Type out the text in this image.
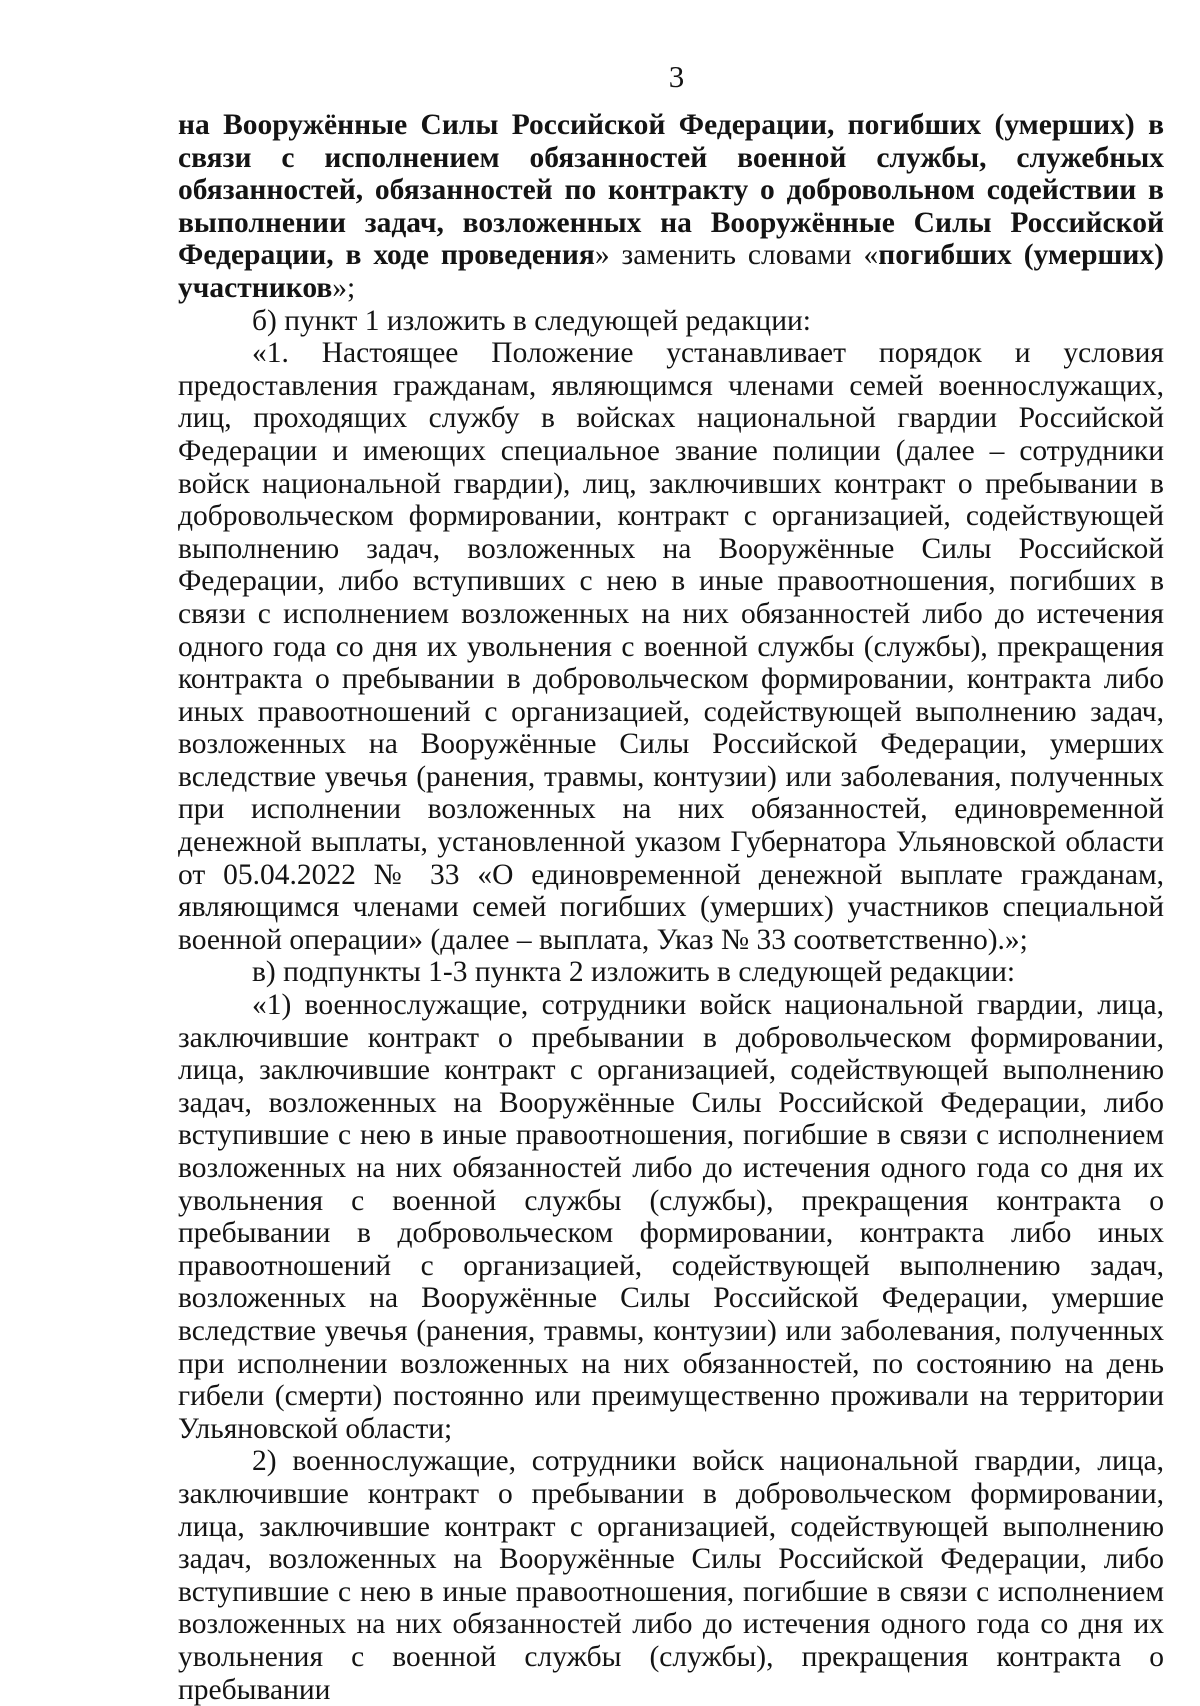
3

на Вооружённые Силы Российской Федерации, погибших (умерших) в связи с исполнением обязанностей военной службы, служебных обязанностей, обязанностей по контракту о добровольном содействии в выполнении задач, возложенных на Вооружённые Силы Российской Федерации, в ходе проведения» заменить словами «погибших (умерших) участников»;

б) пункт 1 изложить в следующей редакции:

«1. Настоящее Положение устанавливает порядок и условия предоставления гражданам, являющимся членами семей военнослужащих, лиц, проходящих службу в войсках национальной гвардии Российской Федерации и имеющих специальное звание полиции (далее – сотрудники войск национальной гвардии), лиц, заключивших контракт о пребывании в добровольческом формировании, контракт с организацией, содействующей выполнению задач, возложенных на Вооружённые Силы Российской Федерации, либо вступивших с нею в иные правоотношения, погибших в связи с исполнением возложенных на них обязанностей либо до истечения одного года со дня их увольнения с военной службы (службы), прекращения контракта о пребывании в добровольческом формировании, контракта либо иных правоотношений с организацией, содействующей выполнению задач, возложенных на Вооружённые Силы Российской Федерации, умерших вследствие увечья (ранения, травмы, контузии) или заболевания, полученных при исполнении возложенных на них обязанностей, единовременной денежной выплаты, установленной указом Губернатора Ульяновской области от 05.04.2022 № 33 «О единовременной денежной выплате гражданам, являющимся членами семей погибших (умерших) участников специальной военной операции» (далее – выплата, Указ № 33 соответственно).»;

в) подпункты 1-3 пункта 2 изложить в следующей редакции:

«1) военнослужащие, сотрудники войск национальной гвардии, лица, заключившие контракт о пребывании в добровольческом формировании, лица, заключившие контракт с организацией, содействующей выполнению задач, возложенных на Вооружённые Силы Российской Федерации, либо вступившие с нею в иные правоотношения, погибшие в связи с исполнением возложенных на них обязанностей либо до истечения одного года со дня их увольнения с военной службы (службы), прекращения контракта о пребывании в добровольческом формировании, контракта либо иных правоотношений с организацией, содействующей выполнению задач, возложенных на Вооружённые Силы Российской Федерации, умершие вследствие увечья (ранения, травмы, контузии) или заболевания, полученных при исполнении возложенных на них обязанностей, по состоянию на день гибели (смерти) постоянно или преимущественно проживали на территории Ульяновской области;

2) военнослужащие, сотрудники войск национальной гвардии, лица, заключившие контракт о пребывании в добровольческом формировании, лица, заключившие контракт с организацией, содействующей выполнению задач, возложенных на Вооружённые Силы Российской Федерации, либо вступившие с нею в иные правоотношения, погибшие в связи с исполнением возложенных на них обязанностей либо до истечения одного года со дня их увольнения с военной службы (службы), прекращения контракта о пребывании
